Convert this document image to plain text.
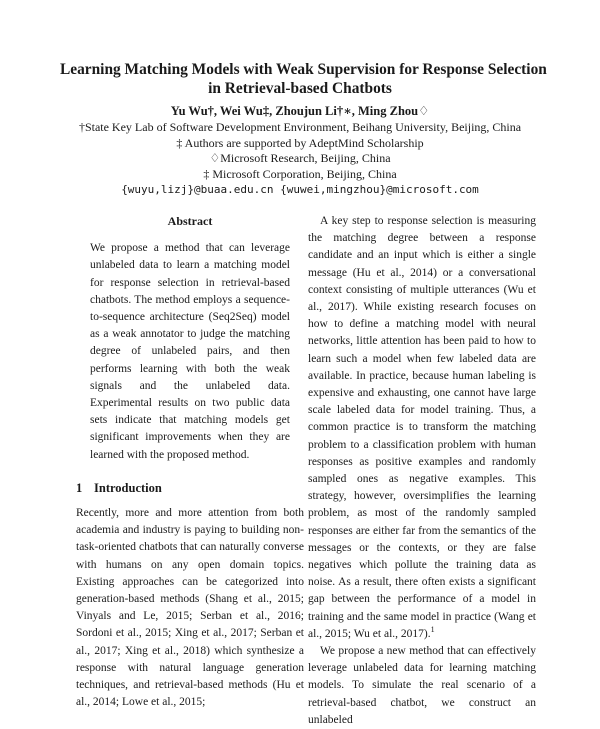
Learning Matching Models with Weak Supervision for Response Selection
in Retrieval-based Chatbots
Yu Wu†, Wei Wu‡, Zhoujun Li†∗, Ming Zhou♢
†State Key Lab of Software Development Environment, Beihang University, Beijing, China
‡ Authors are supported by AdeptMind Scholarship
♢Microsoft Research, Beijing, China
‡ Microsoft Corporation, Beijing, China
{wuyu,lizj}@buaa.edu.cn {wuwei,mingzhou}@microsoft.com
Abstract

We propose a method that can leverage unlabeled data to learn a matching model for response selection in retrieval-based chatbots. The method employs a sequence-to-sequence architecture (Seq2Seq) model as a weak annotator to judge the matching degree of unlabeled pairs, and then performs learning with both the weak signals and the unlabeled data. Experimental results on two public data sets indicate that matching models get significant improvements when they are learned with the proposed method.

1 Introduction

Recently, more and more attention from both academia and industry is paying to building non-task-oriented chatbots that can naturally converse with humans on any open domain topics. Existing approaches can be categorized into generation-based methods (Shang et al., 2015; Vinyals and Le, 2015; Serban et al., 2016; Sordoni et al., 2015; Xing et al., 2017; Serban et al., 2017; Xing et al., 2018) which synthesize a response with natural language generation techniques, and retrieval-based methods (Hu et al., 2014; Lowe et al., 2015;

A key step to response selection is measuring the matching degree between a response candidate and an input which is either a single message (Hu et al., 2014) or a conversational context consisting of multiple utterances (Wu et al., 2017). While existing research focuses on how to define a matching model with neural networks, little attention has been paid to how to learn such a model when few labeled data are available. In practice, because human labeling is expensive and exhausting, one cannot have large scale labeled data for model training. Thus, a common practice is to transform the matching problem to a classification problem with human responses as positive examples and randomly sampled ones as negative examples. This strategy, however, oversimplifies the learning problem, as most of the randomly sampled responses are either far from the semantics of the messages or the contexts, or they are false negatives which pollute the training data as noise. As a result, there often exists a significant gap between the performance of a model in training and the same model in practice (Wang et al., 2015; Wu et al., 2017).$^1$

We propose a new method that can effectively leverage unlabeled data for learning matching models. To simulate the real scenario of a retrieval-based chatbot, we construct an unlabeled
